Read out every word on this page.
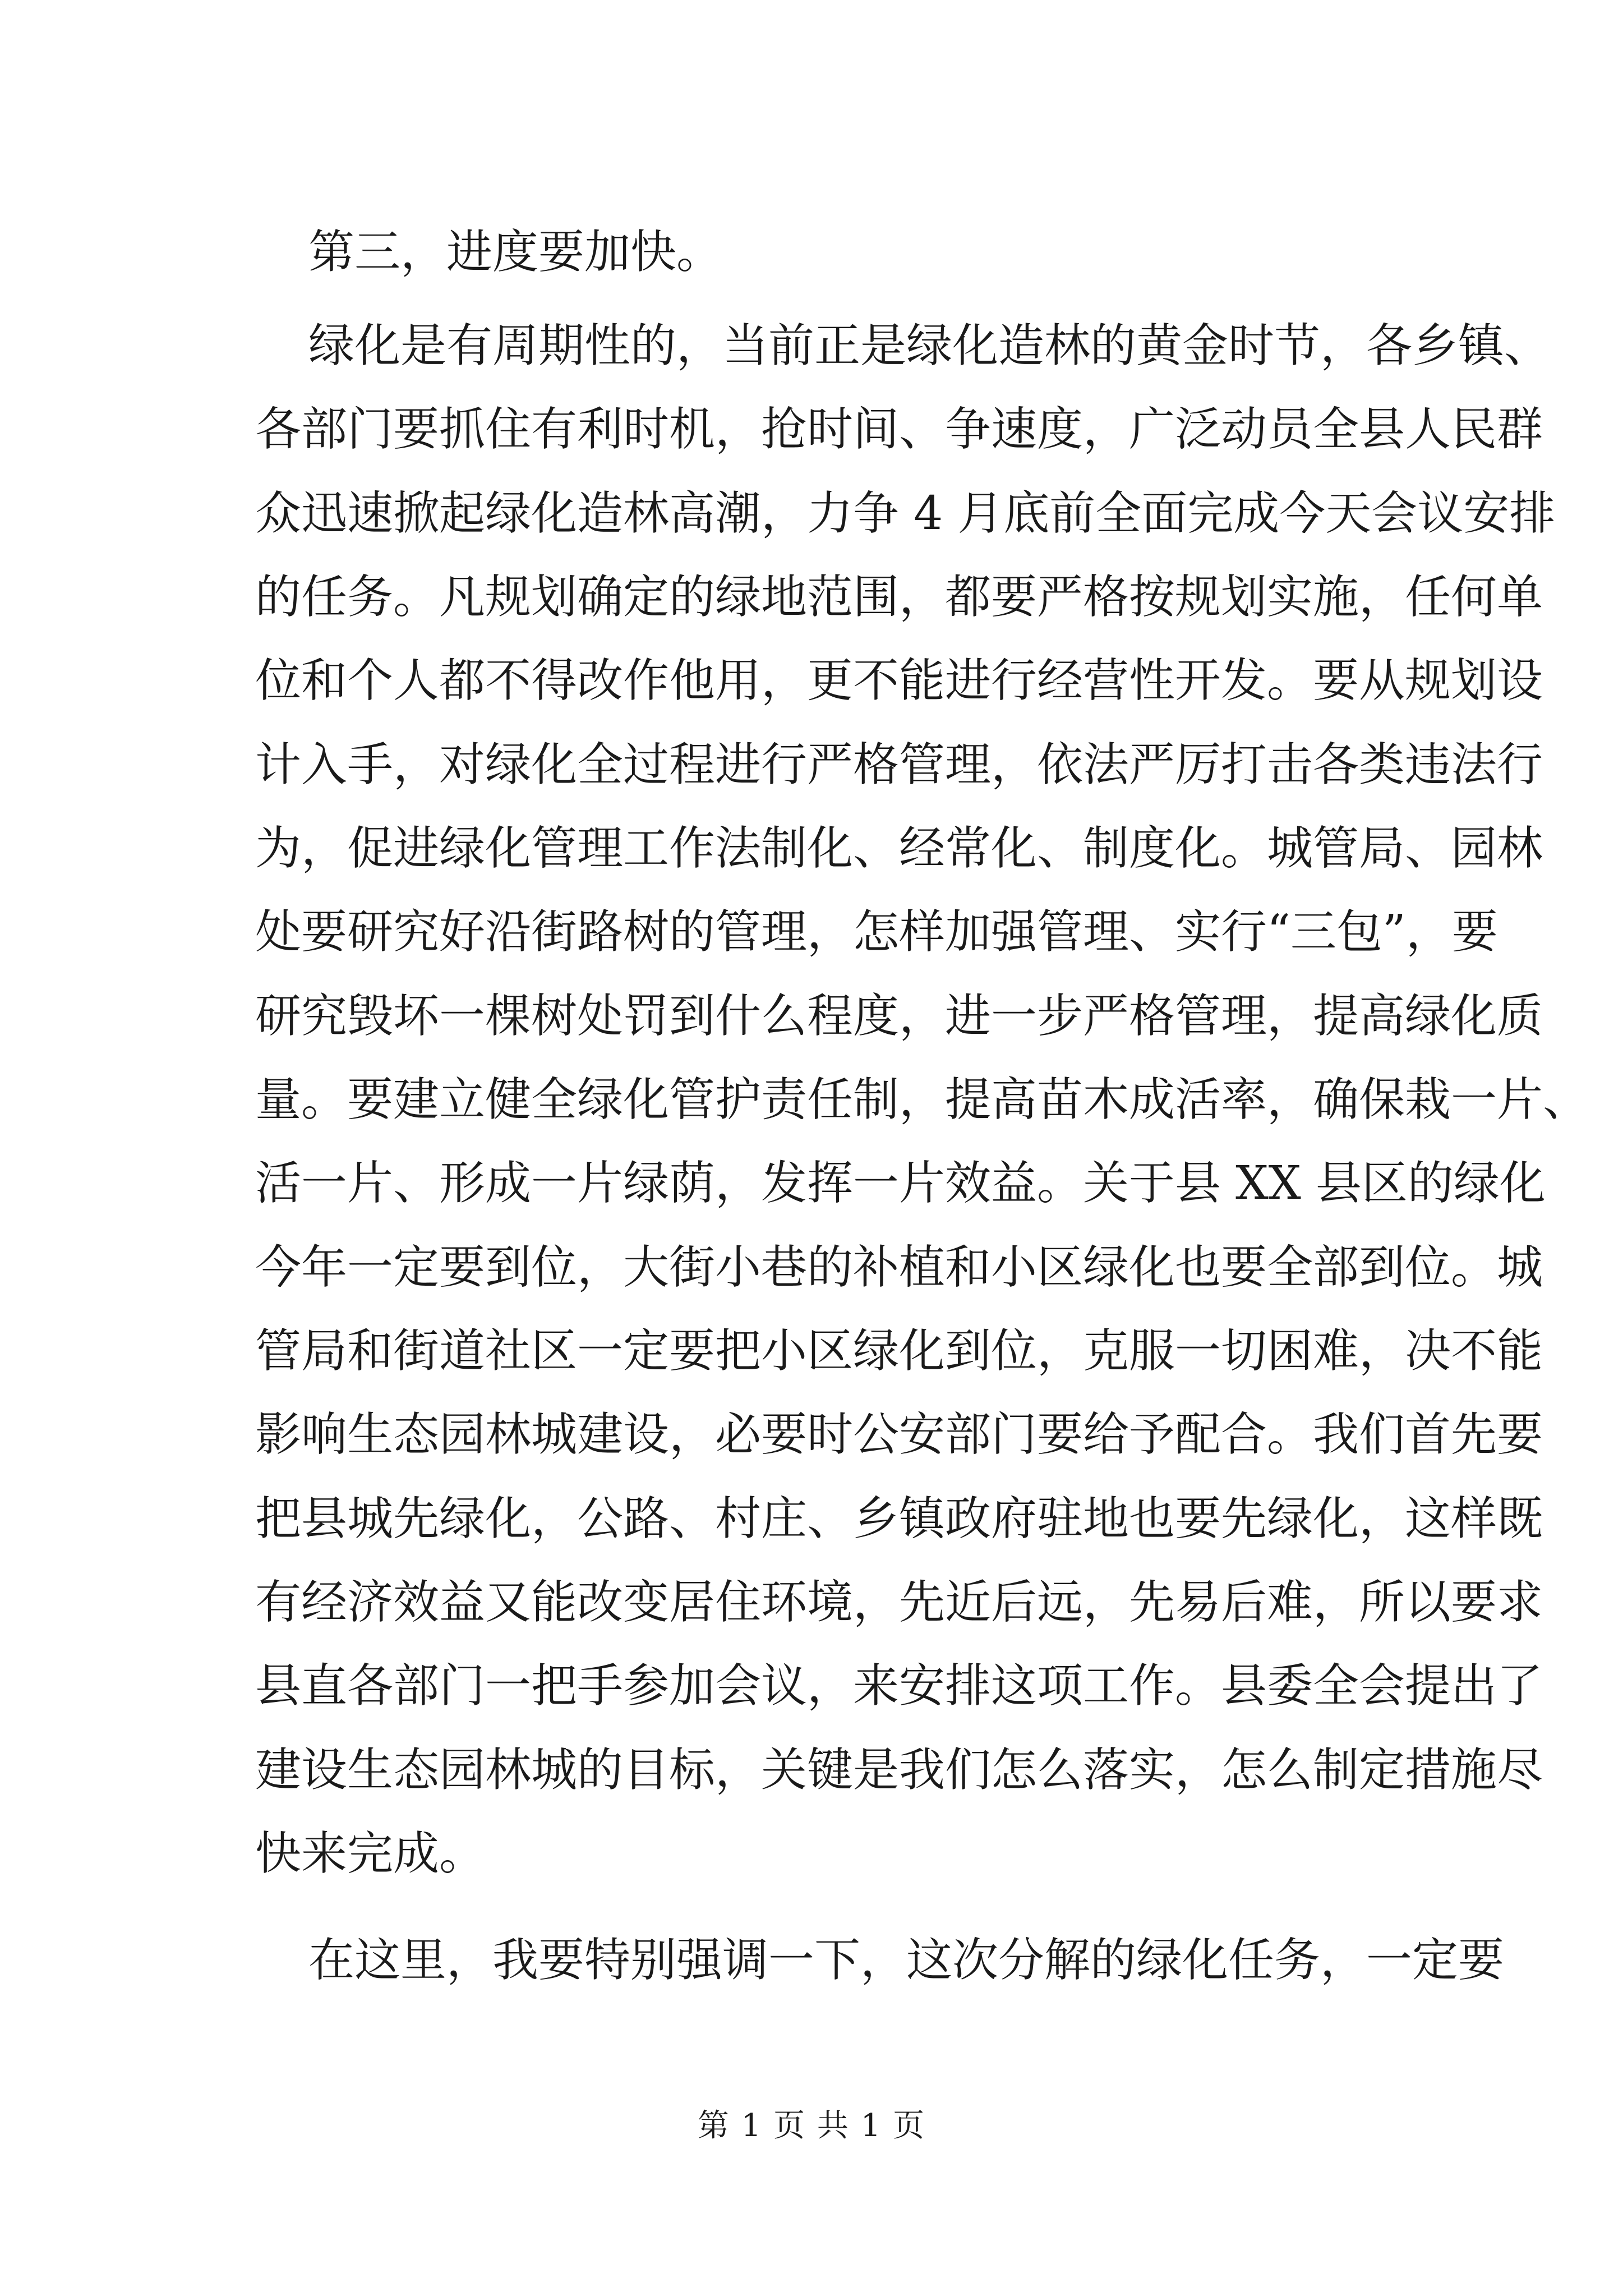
第三，进度要加快。
绿化是有周期性的，当前正是绿化造林的黄金时节，各乡镇、
各部门要抓住有利时机，抢时间、争速度，广泛动员全县人民群
众迅速掀起绿化造林高潮，力争 4 月底前全面完成今天会议安排
的任务。凡规划确定的绿地范围，都要严格按规划实施，任何单
位和个人都不得改作他用，更不能进行经营性开发。要从规划设
计入手，对绿化全过程进行严格管理，依法严厉打击各类违法行
为，促进绿化管理工作法制化、经常化、制度化。城管局、园林
处要研究好沿街路树的管理，怎样加强管理、实行“三包”，要
研究毁坏一棵树处罚到什么程度，进一步严格管理，提高绿化质
量。要建立健全绿化管护责任制，提高苗木成活率，确保栽一片、
活一片、形成一片绿荫，发挥一片效益。关于县 XX 县区的绿化
今年一定要到位，大街小巷的补植和小区绿化也要全部到位。城
管局和街道社区一定要把小区绿化到位，克服一切困难，决不能
影响生态园林城建设，必要时公安部门要给予配合。我们首先要
把县城先绿化，公路、村庄、乡镇政府驻地也要先绿化，这样既
有经济效益又能改变居住环境，先近后远，先易后难，所以要求
县直各部门一把手参加会议，来安排这项工作。县委全会提出了
建设生态园林城的目标，关键是我们怎么落实，怎么制定措施尽
快来完成。
在这里，我要特别强调一下，这次分解的绿化任务，一定要
第 1 页 共 1 页
